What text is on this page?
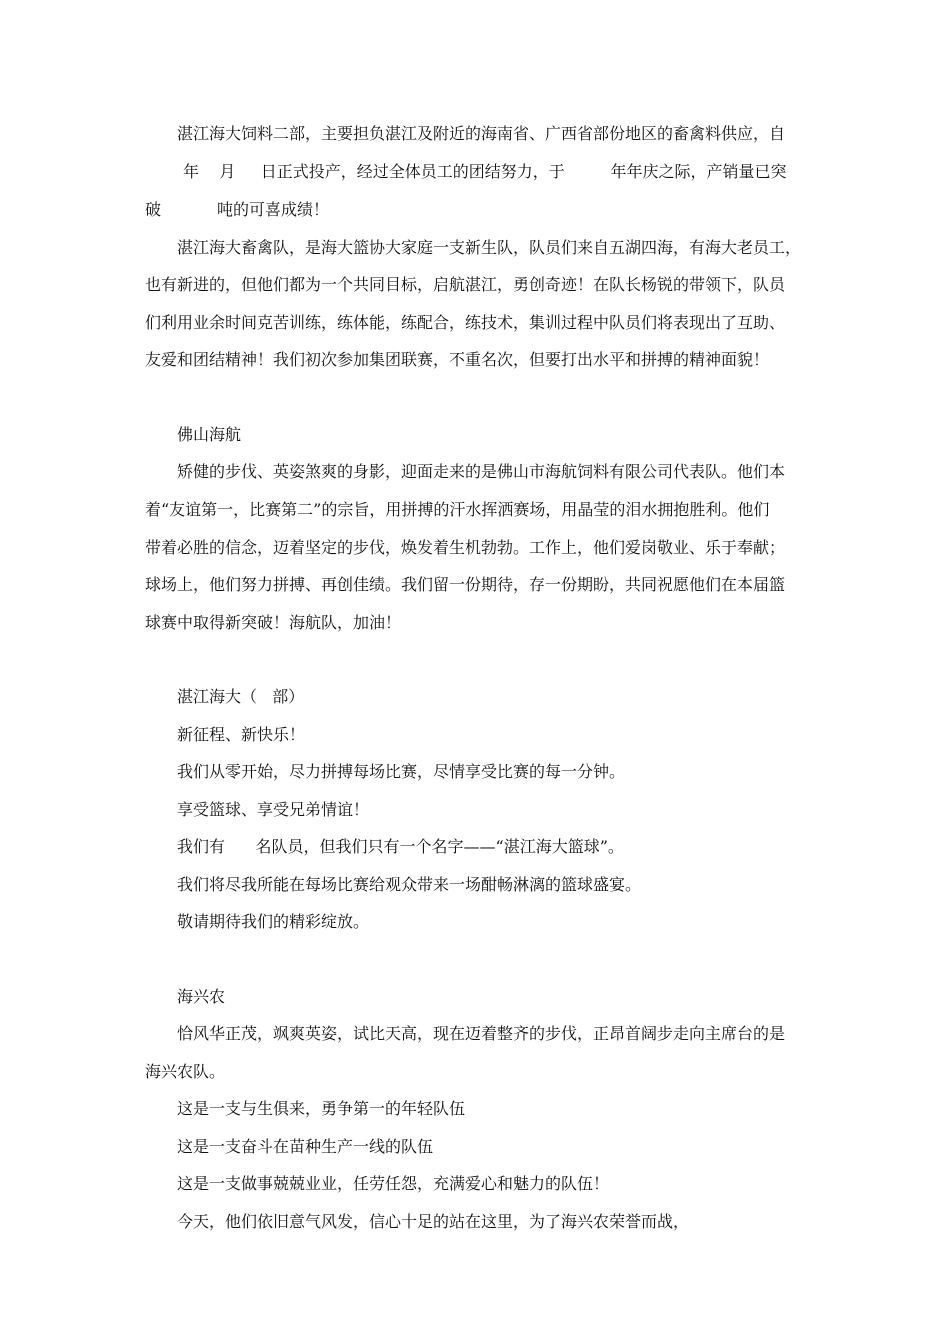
湛江海大饲料二部，主要担负湛江及附近的海南省、广西省部份地区的畜禽料供应，自
年    月     日正式投产，经过全体员工的团结努力，于         年年庆之际，产销量已突
破           吨的可喜成绩！
湛江海大畜禽队，是海大篮协大家庭一支新生队，队员们来自五湖四海，有海大老员工，
也有新进的，但他们都为一个共同目标，启航湛江，勇创奇迹！在队长杨锐的带领下，队员
们利用业余时间克苦训练，练体能，练配合，练技术，集训过程中队员们将表现出了互助、
友爱和团结精神！我们初次参加集团联赛，不重名次，但要打出水平和拼搏的精神面貌！
佛山海航
矫健的步伐、英姿煞爽的身影，迎面走来的是佛山市海航饲料有限公司代表队。他们本
着“友谊第一，比赛第二”的宗旨，用拼搏的汗水挥洒赛场，用晶莹的泪水拥抱胜利。他们
带着必胜的信念，迈着坚定的步伐，焕发着生机勃勃。工作上，他们爱岗敬业、乐于奉献；
球场上，他们努力拼搏、再创佳绩。我们留一份期待，存一份期盼，共同祝愿他们在本届篮
球赛中取得新突破！海航队，加油！
湛江海大（   部）
新征程、新快乐！
我们从零开始，尽力拼搏每场比赛，尽情享受比赛的每一分钟。
享受篮球、享受兄弟情谊！
我们有      名队员，但我们只有一个名字——“湛江海大篮球”。
我们将尽我所能在每场比赛给观众带来一场酣畅淋漓的篮球盛宴。
敬请期待我们的精彩绽放。
海兴农
恰风华正茂，飒爽英姿，试比天高，现在迈着整齐的步伐，正昂首阔步走向主席台的是
海兴农队。
这是一支与生俱来，勇争第一的年轻队伍
这是一支奋斗在苗种生产一线的队伍
这是一支做事兢兢业业，任劳任怨，充满爱心和魅力的队伍！
今天，他们依旧意气风发，信心十足的站在这里，为了海兴农荣誉而战，
